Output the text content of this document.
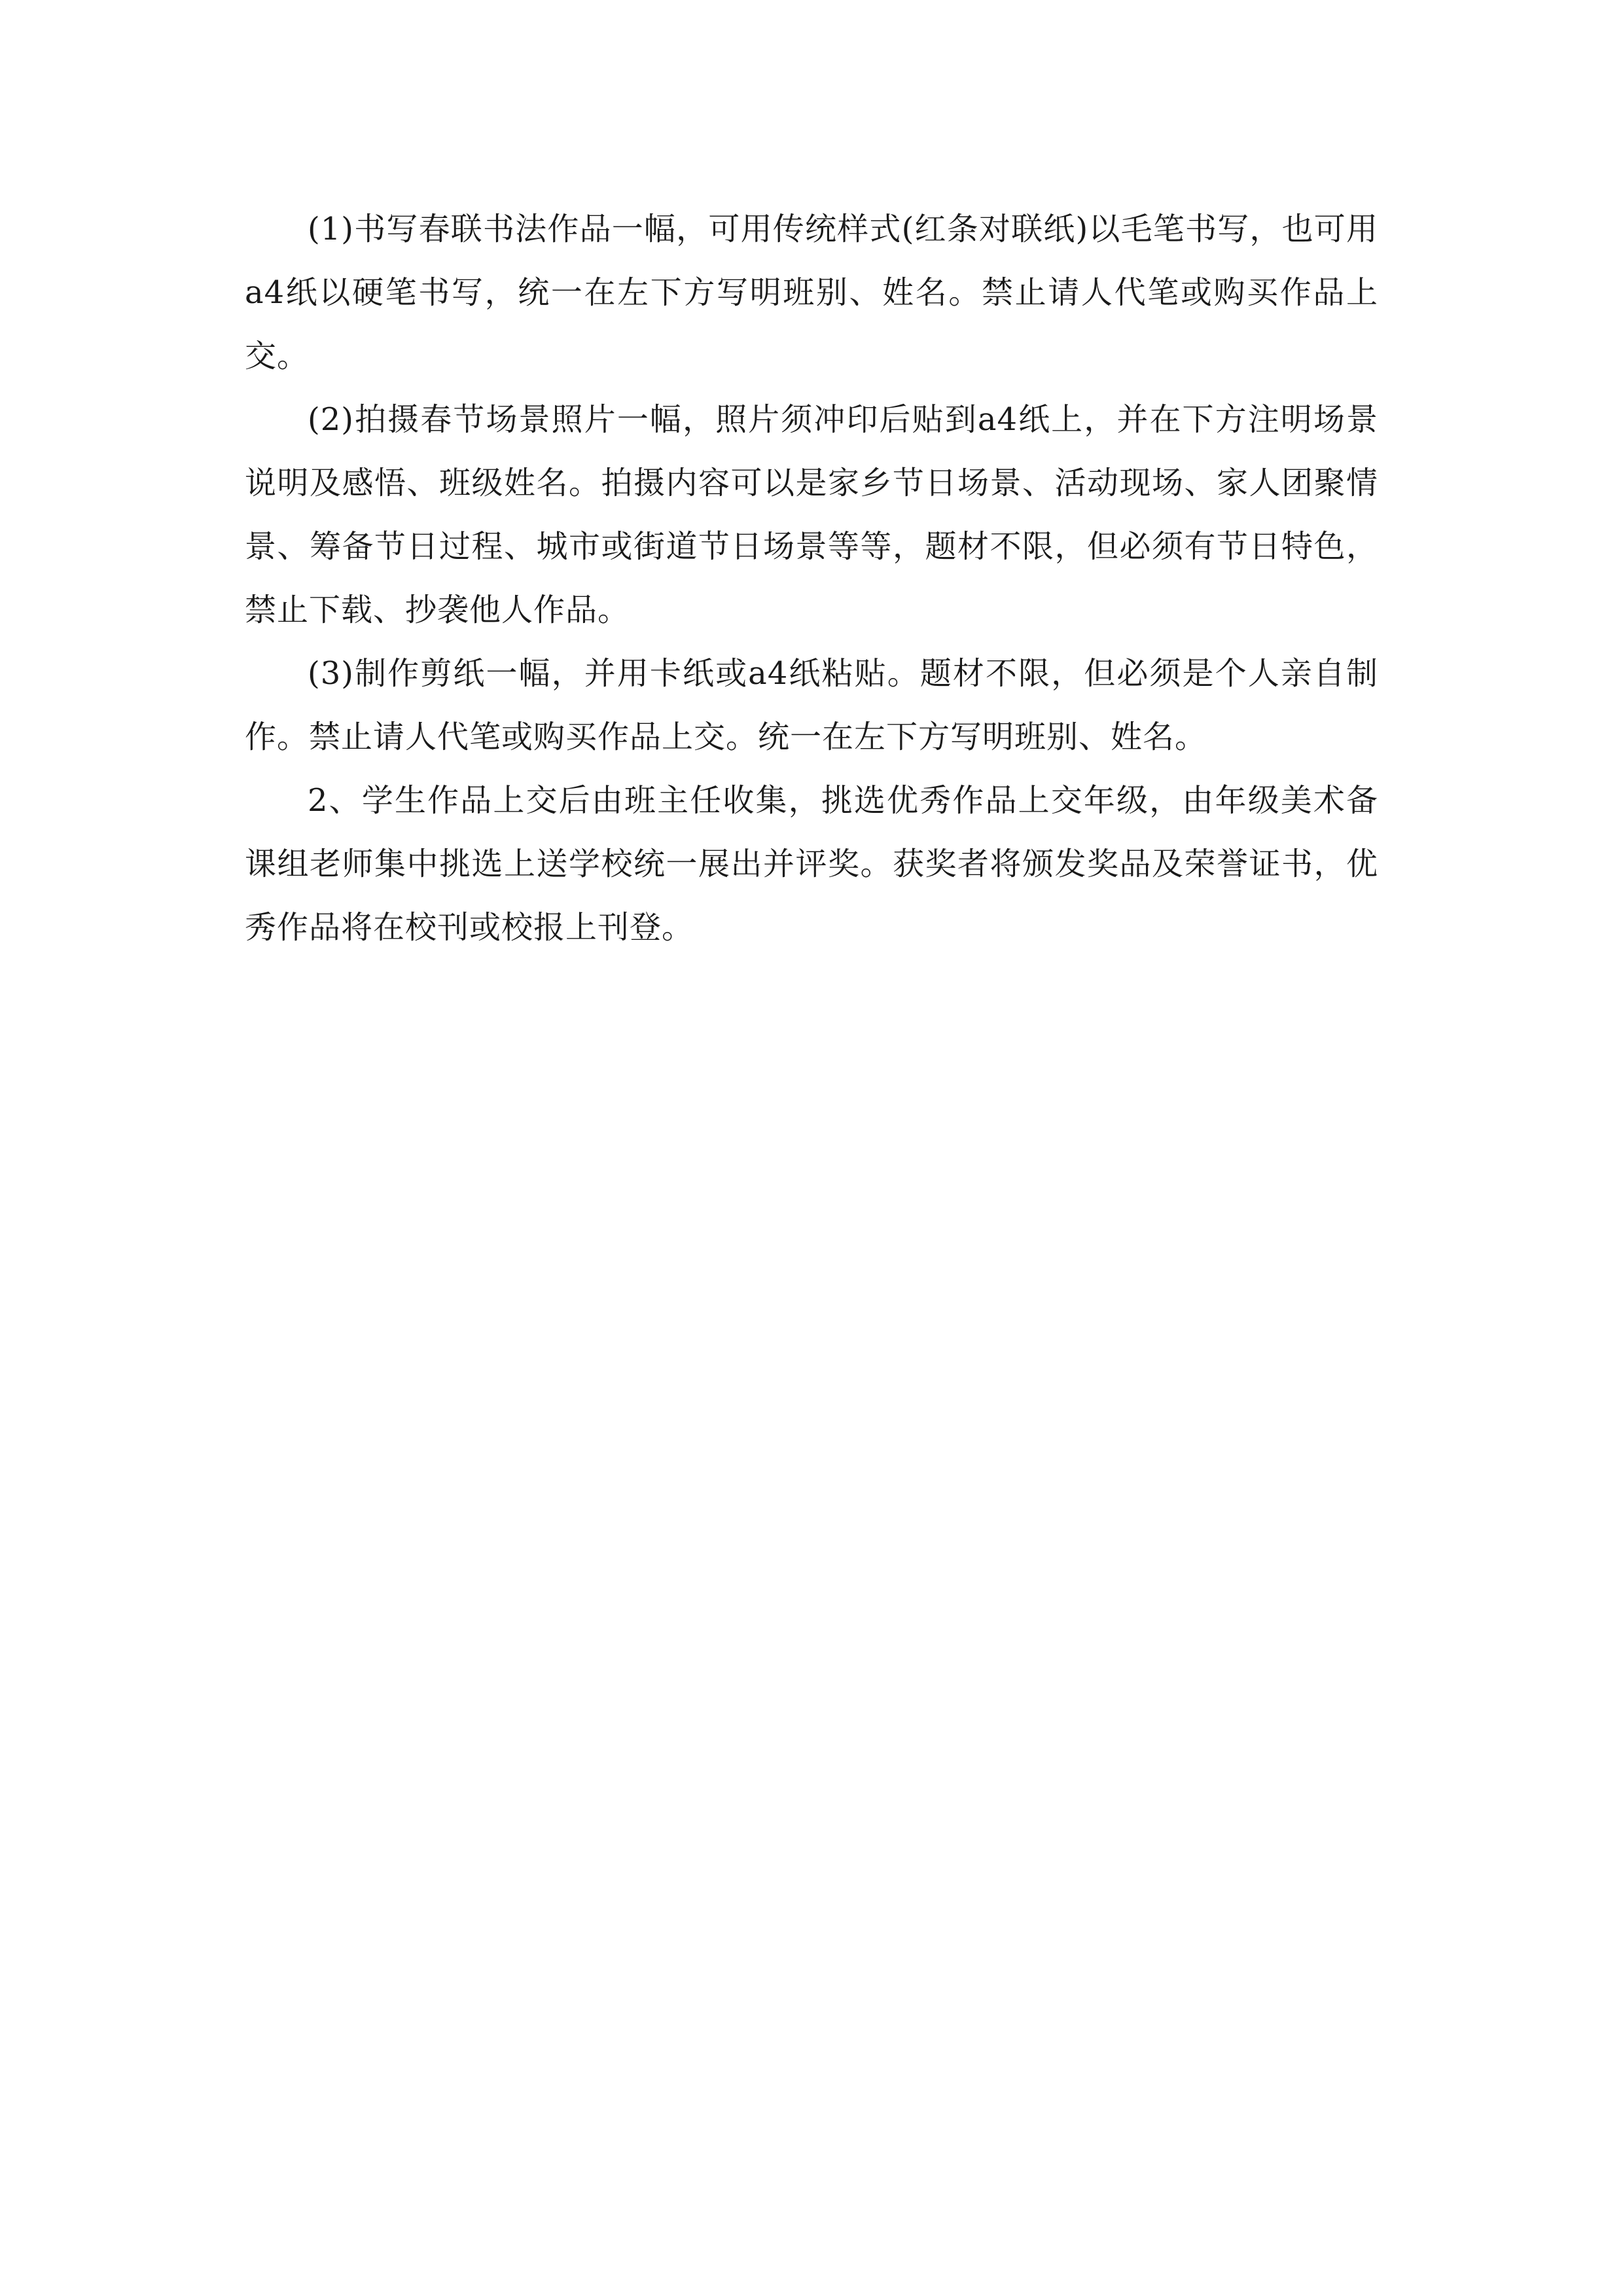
(1)书写春联书法作品一幅，可用传统样式(红条对联纸)以毛笔书写，也可用a4纸以硬笔书写，统一在左下方写明班别、姓名。禁止请人代笔或购买作品上交。

(2)拍摄春节场景照片一幅，照片须冲印后贴到a4纸上，并在下方注明场景说明及感悟、班级姓名。拍摄内容可以是家乡节日场景、活动现场、家人团聚情景、筹备节日过程、城市或街道节日场景等等，题材不限，但必须有节日特色，禁止下载、抄袭他人作品。

(3)制作剪纸一幅，并用卡纸或a4纸粘贴。题材不限，但必须是个人亲自制作。禁止请人代笔或购买作品上交。统一在左下方写明班别、姓名。

2、学生作品上交后由班主任收集，挑选优秀作品上交年级，由年级美术备课组老师集中挑选上送学校统一展出并评奖。获奖者将颁发奖品及荣誉证书，优秀作品将在校刊或校报上刊登。
